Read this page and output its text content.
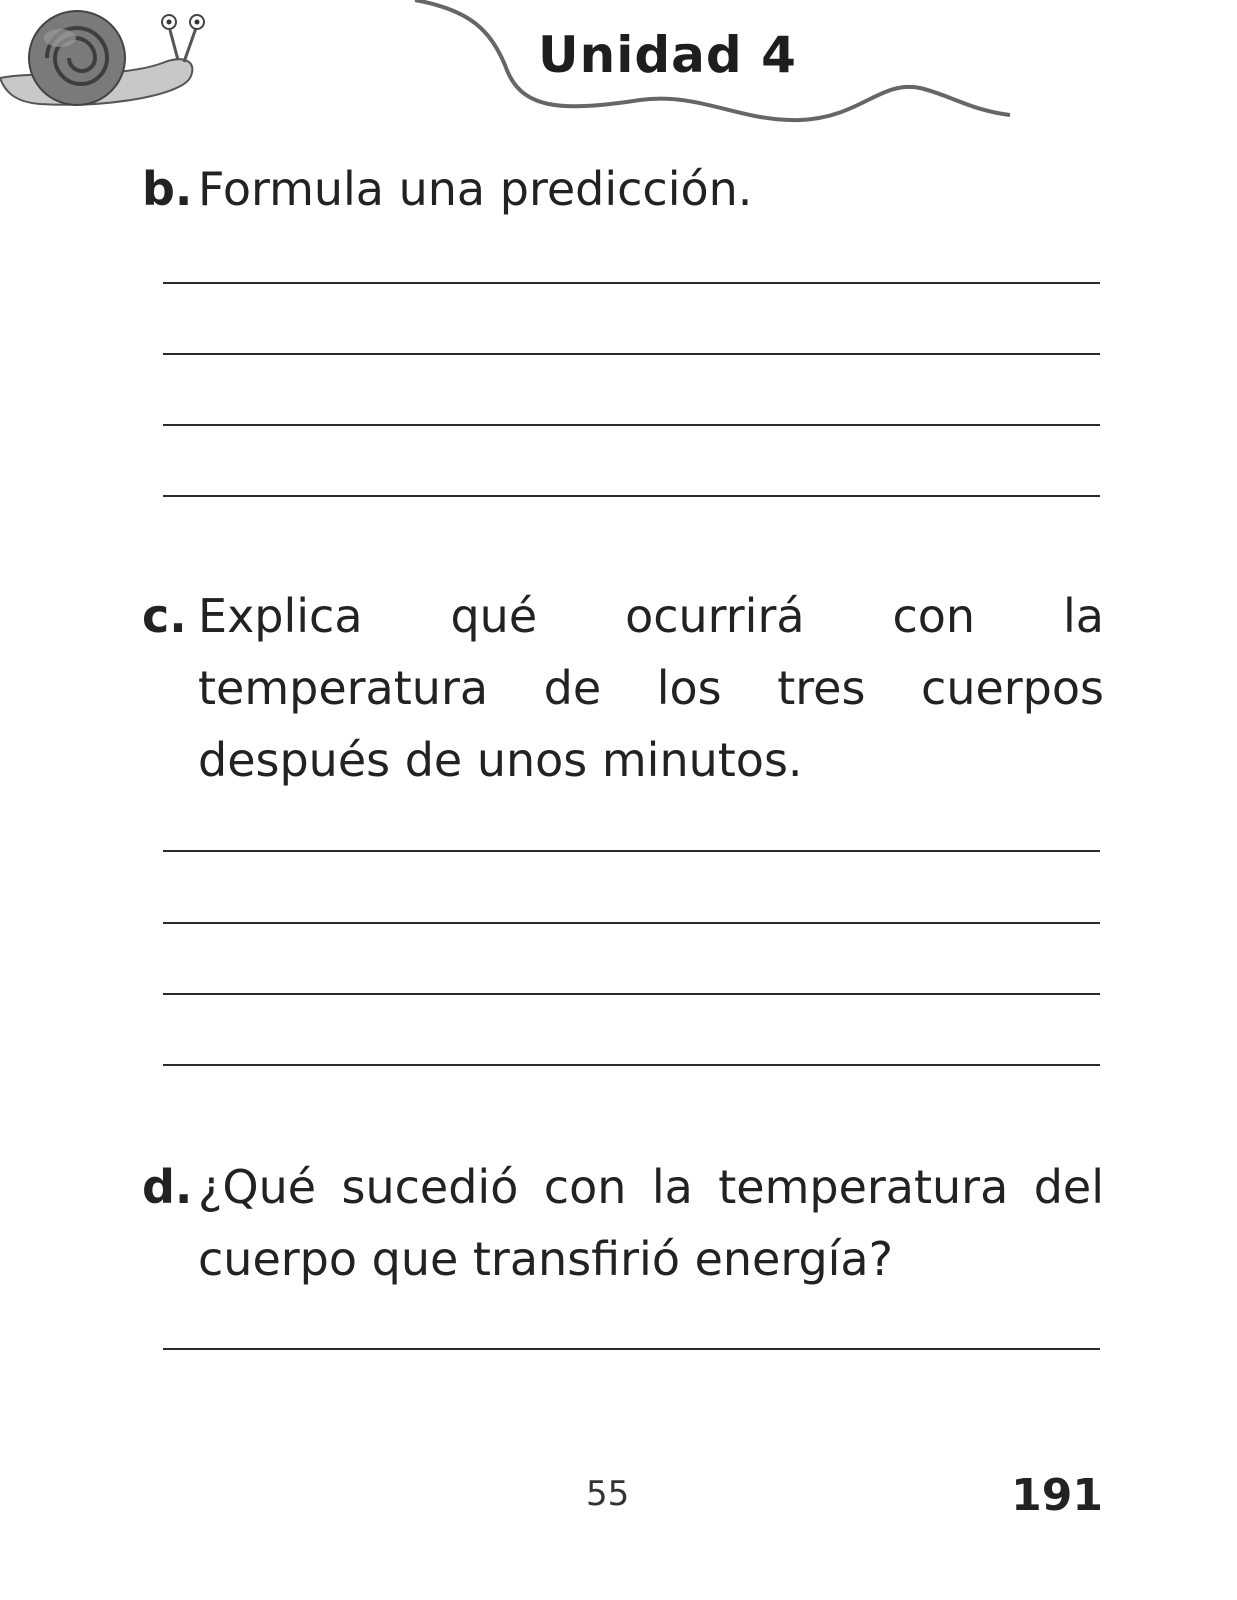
Unidad 4
b. Formula una predicción.
c. Explica qué ocurrirá con la temperatura de los tres cuerpos después de unos minutos.
d. ¿Qué sucedió con la temperatura del cuerpo que transfirió energía?
55	191
